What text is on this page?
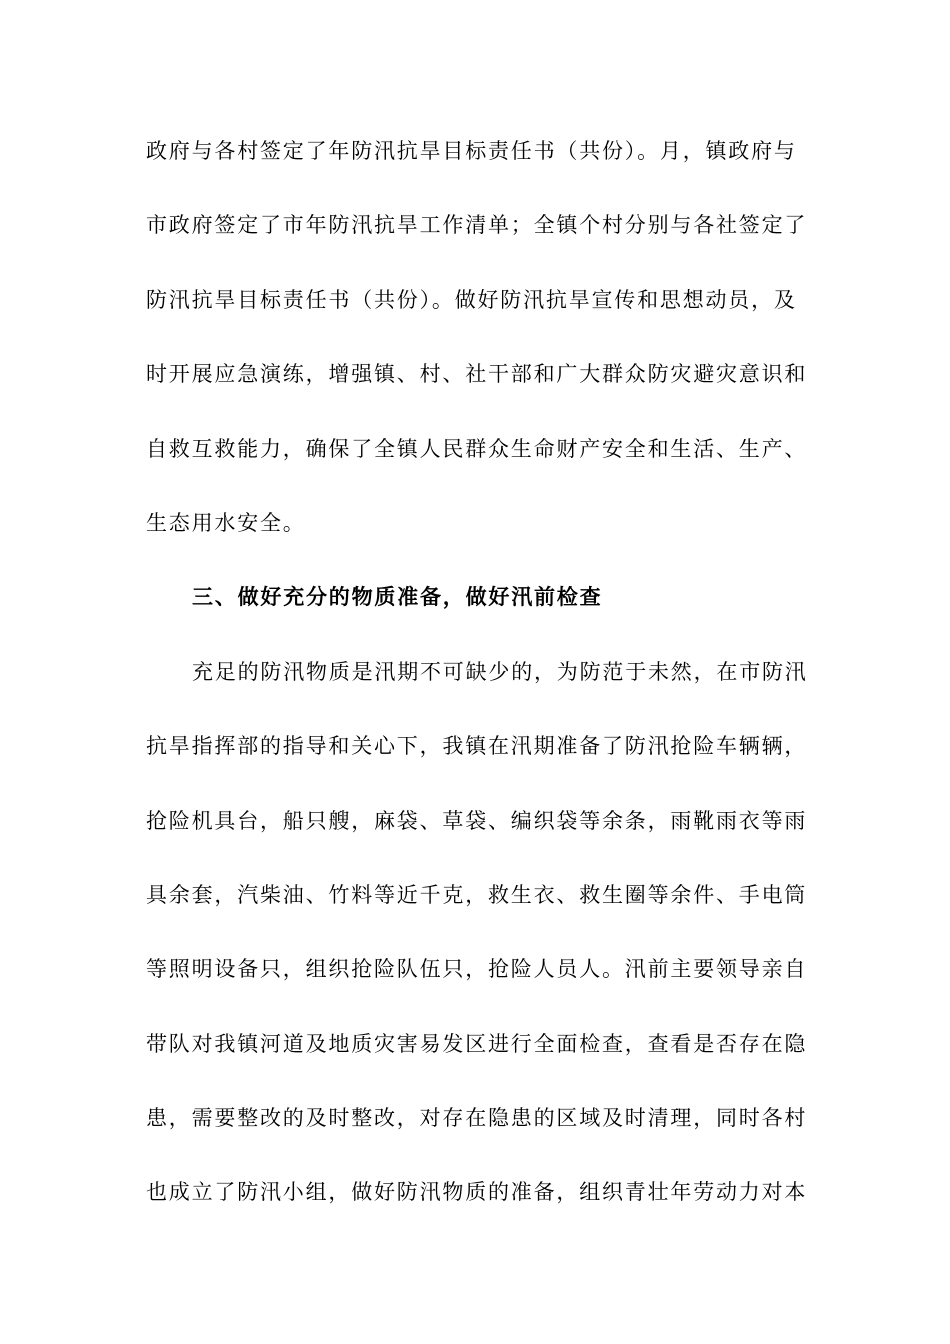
政府与各村签定了年防汛抗旱目标责任书（共份）。月，镇政府与
市政府签定了市年防汛抗旱工作清单；全镇个村分别与各社签定了
防汛抗旱目标责任书（共份）。做好防汛抗旱宣传和思想动员，及
时开展应急演练，增强镇、村、社干部和广大群众防灾避灾意识和
自救互救能力，确保了全镇人民群众生命财产安全和生活、生产、
生态用水安全。
三、做好充分的物质准备，做好汛前检查
充足的防汛物质是汛期不可缺少的，为防范于未然，在市防汛
抗旱指挥部的指导和关心下，我镇在汛期准备了防汛抢险车辆辆，
抢险机具台，船只艘，麻袋、草袋、编织袋等余条，雨靴雨衣等雨
具余套，汽柴油、竹料等近千克，救生衣、救生圈等余件、手电筒
等照明设备只，组织抢险队伍只，抢险人员人。汛前主要领导亲自
带队对我镇河道及地质灾害易发区进行全面检查，查看是否存在隐
患，需要整改的及时整改，对存在隐患的区域及时清理，同时各村
也成立了防汛小组，做好防汛物质的准备，组织青壮年劳动力对本
